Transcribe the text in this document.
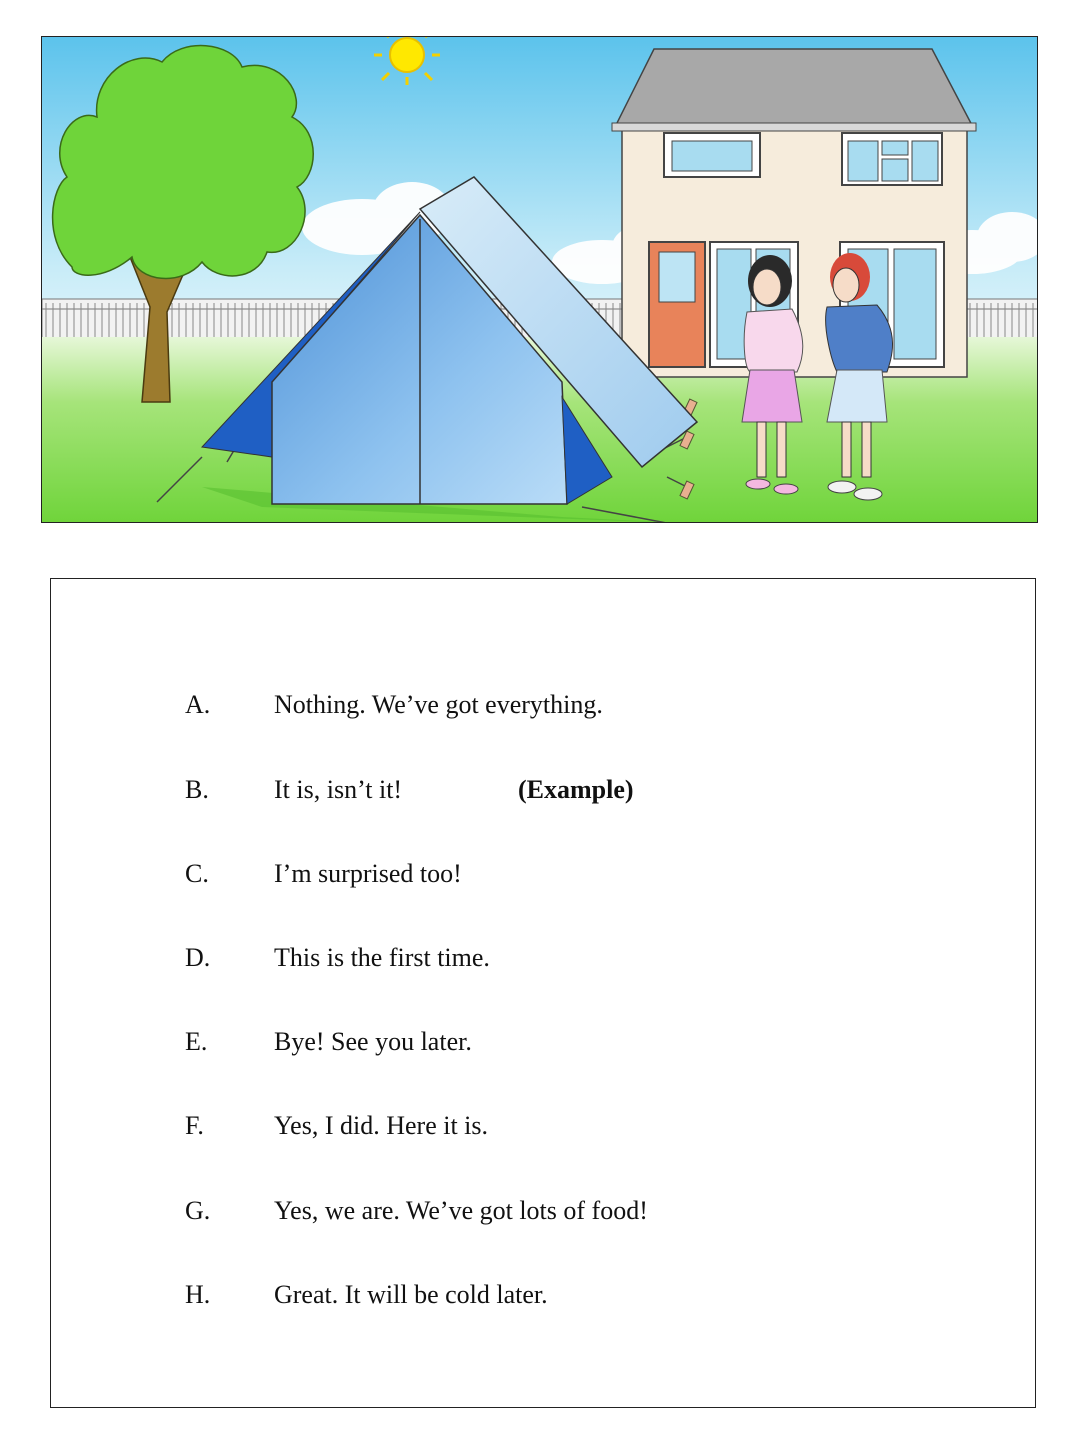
A.	Nothing. We’ve got everything.
B.	It is, isn’t it!	(Example)
C.	I’m surprised too!
D.	This is the first time.
E.	Bye! See you later.
F.	Yes, I did. Here it is.
G.	Yes, we are. We’ve got lots of food!
H.	Great. It will be cold later.
